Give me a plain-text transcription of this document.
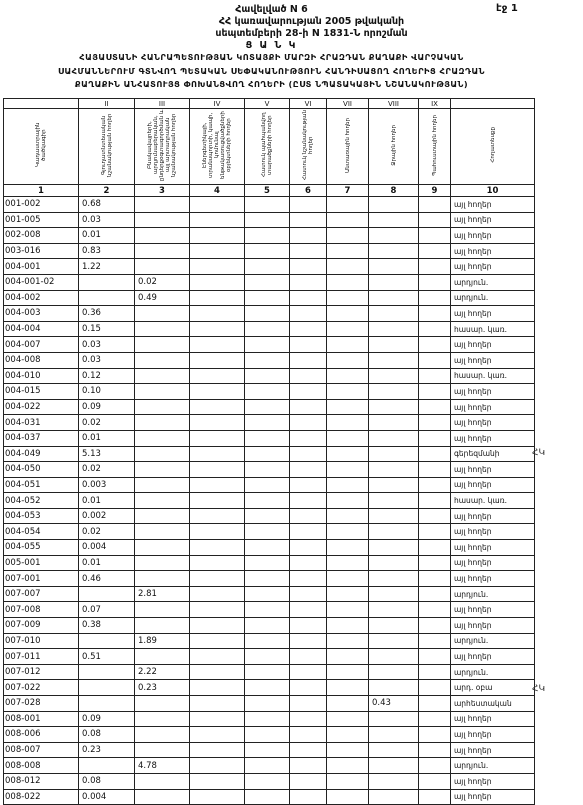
էջ 1
Հավելված N 6
ՀՀ կառավարության 2005 թվականի
սեպտեմբերի 28-ի N 1831-Ն որոշման
Ց Ա Ն Կ
ՀԱՅԱՍՏԱՆԻ ՀԱՆՐԱՊԵՏՈՒԹՅԱՆ ԿՈՏԱՅՔԻ ՄԱՐԶԻ ՀՐԱԶԴԱՆ ՔԱՂԱՔԻ ՎԱՐՉԱԿԱՆ
ՍԱՀՄԱՆՆԵՐՈՒՄ ԳՏՆՎՈՂ ՊԵՏԱԿԱՆ ՍԵՓԱԿԱՆՈՒԹՅՈՒՆ ՀԱՆԴԻՍԱՑՈՂ ՀՈՂԵՐԻՑ ՀՐԱԶԴԱՆ
ՔԱՂԱՔԻՆ ԱՆՀԱՏՈՒՅՑ ՓՈԽԱՆՑՎՈՂ ՀՈՂԵՐԻ (ԸՍՏ ՆՊԱՏԱԿԱՅԻՆ ՆՇԱՆԱԿՈՒԹՅԱՆ)
	II	III	IV	V	VI	VII	VIII	IX	
Կադաստրային ծածկագիր	Գյուղատնտեսական նշանակության հողեր	Բնակավայրերի, արդյունաբերական, ընդերքօգտագործման և այլ արտադրական նշանակության հողեր	Էներգետիկայի, տրանսպորտի, կապի, կոմունալ ենթակառուցվածքների օբյեկտների հողեր	Հատուկ պահպանվող տարածքների հողեր	Հատուկ նշանակության հողեր	Անտառային հողեր	Ջրային հողեր	Պահուստային հողեր	Հողատեսքը
1	2	3	4	5	6	7	8	9	10
001-002	0.68								այլ հողեր
001-005	0.03								այլ հողեր
002-008	0.01								այլ հողեր
003-016	0.83								այլ հողեր
004-001	1.22								այլ հողեր
004-001-02		0.02							արդյուն.
004-002		0.49							արդյուն.
004-003	0.36								այլ հողեր
004-004	0.15								հասար. կառ.
004-007	0.03								այլ հողեր
004-008	0.03								այլ հողեր
004-010	0.12								հասար. կառ.
004-015	0.10								այլ հողեր
004-022	0.09								այլ հողեր
004-031	0.02								այլ հողեր
004-037	0.01								այլ հողեր
004-049	5.13								գերեզմանի
004-050	0.02								այլ հողեր
004-051	0.003								այլ հողեր
004-052	0.01								հասար. կառ.
004-053	0.002								այլ հողեր
004-054	0.02								այլ հողեր
004-055	0.004								այլ հողեր
005-001	0.01								այլ հողեր
007-001	0.46								այլ հողեր
007-007		2.81							արդյուն.
007-008	0.07								այլ հողեր
007-009	0.38								այլ հողեր
007-010		1.89							արդյուն.
007-011	0.51								այլ հողեր
007-012		2.22							արդյուն.
007-022		0.23							արդ. օբա
007-028							0.43		արհեստական
008-001	0.09								այլ հողեր
008-006	0.08								այլ հողեր
008-007	0.23								այլ հողեր
008-008		4.78							արդյուն.
008-012	0.08								այլ հողեր
008-022	0.004								այլ հողեր
ՀԿ
ՀԿ
